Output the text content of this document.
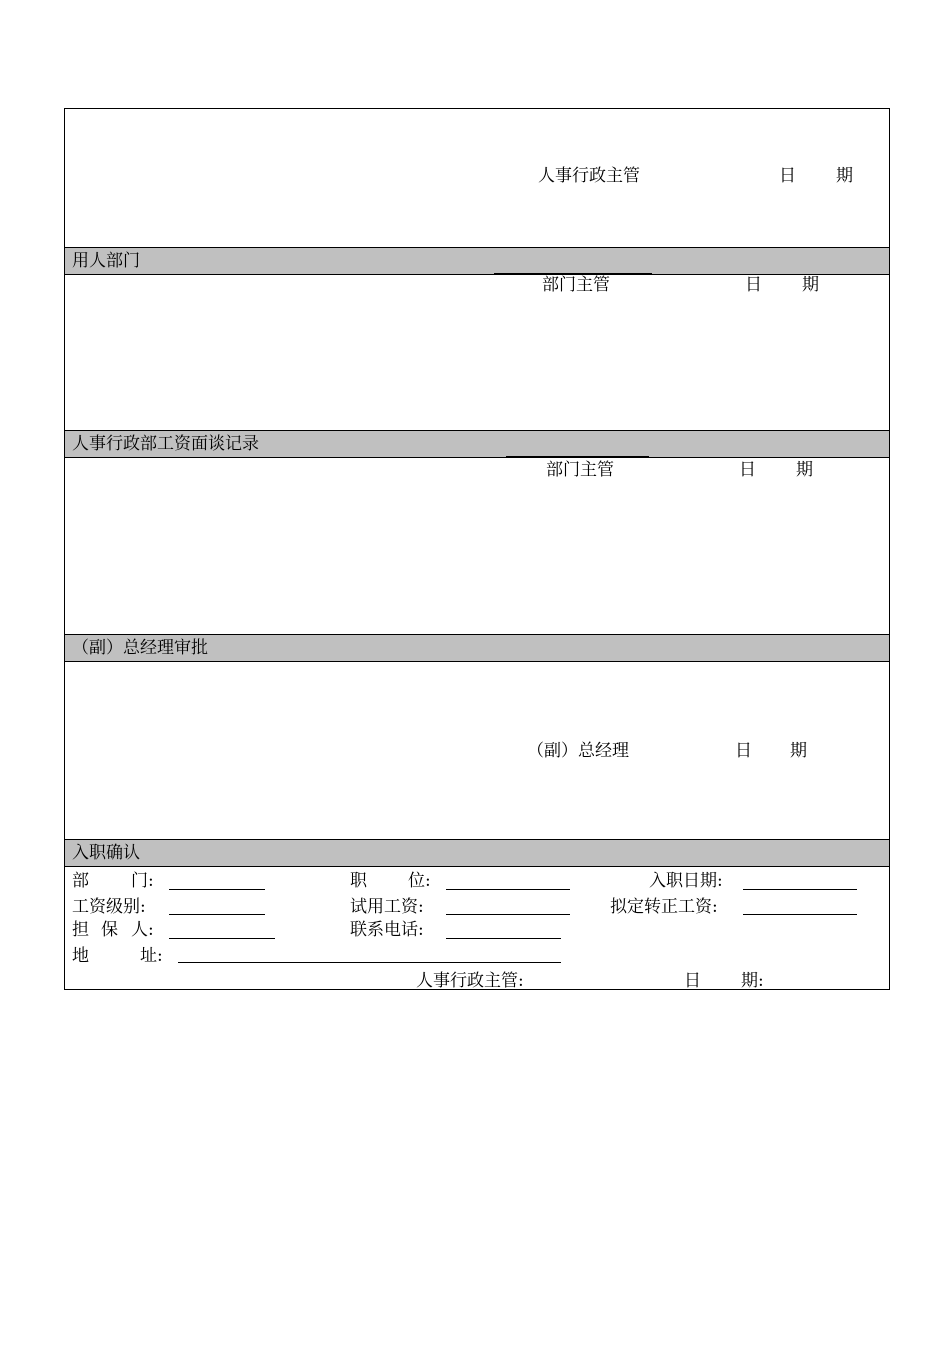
人事行政主管	日 期
用人部门
部门主管	日 期
人事行政部工资面谈记录
部门主管	日 期
（副）总经理审批
（副）总经理	日 期
入职确认
部 门:	职 位:	入职日期:
工资级别:	试用工资:	拟定转正工资:
担 保 人:	联系电话:
地	址:
人事行政主管:	日 期:
